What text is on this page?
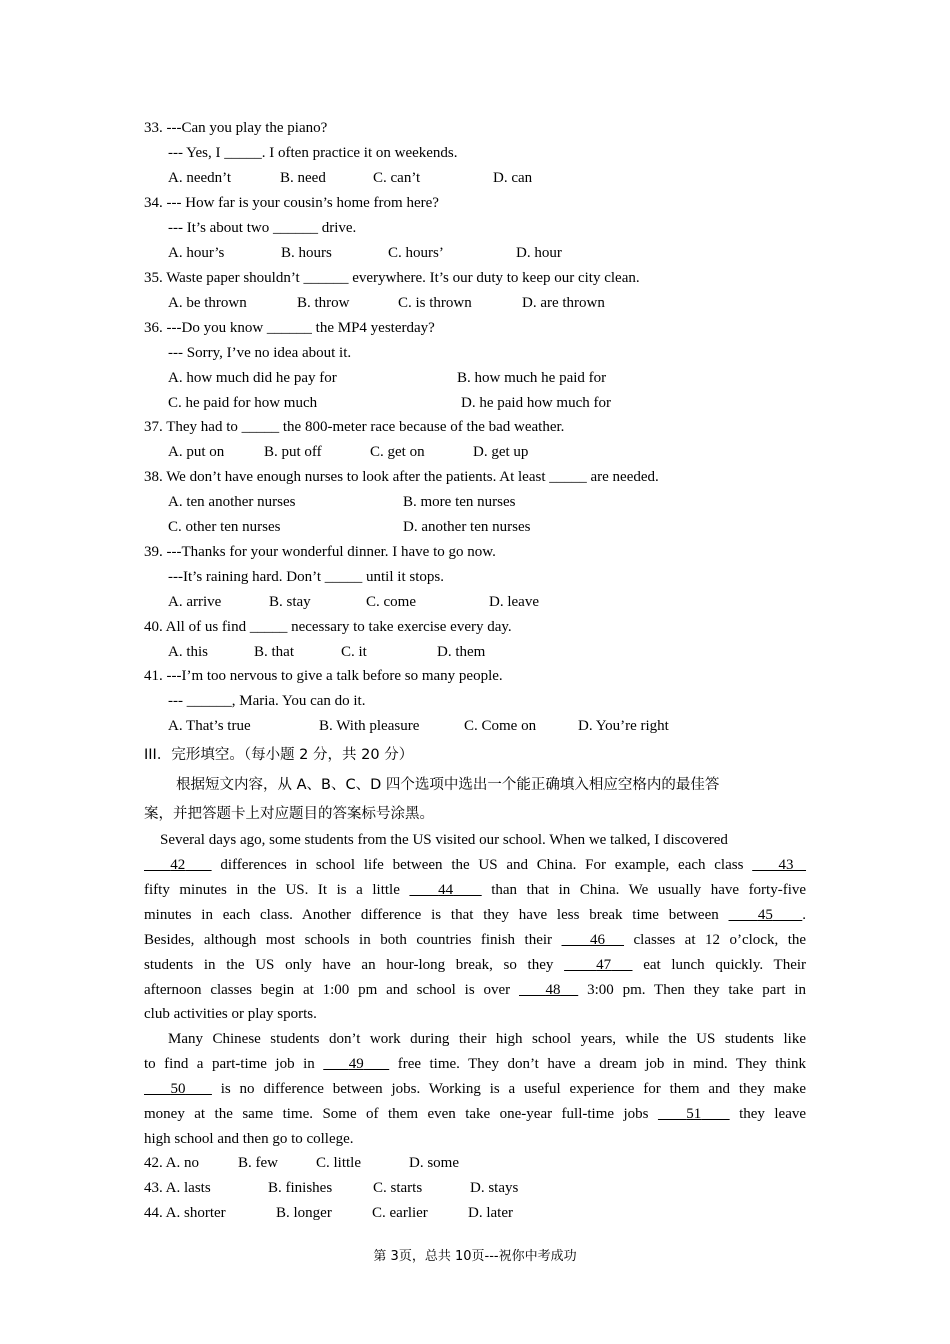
33. ---Can you play the piano?
--- Yes, I _____. I often practice it on weekends.
A. needn’t	B. need	C. can’t	D. can
34. --- How far is your cousin’s home from here?
--- It’s about two ______ drive.
A. hour’s	B. hours	C. hours’	D. hour
35. Waste paper shouldn’t ______ everywhere. It’s our duty to keep our city clean.
A. be thrown	B. throw	C. is thrown	D. are thrown
36. ---Do you know ______ the MP4 yesterday?
--- Sorry, I’ve no idea about it.
A. how much did he pay for	B. how much he paid for
C. he paid for how much	D. he paid how much for
37. They had to _____ the 800-meter race because of the bad weather.
A. put on	B. put off	C. get on	D. get up
38. We don’t have enough nurses to look after the patients. At least _____ are needed.
A. ten another nurses	B. more ten nurses
C. other ten nurses	D. another ten nurses
39. ---Thanks for your wonderful dinner. I have to go now.
---It’s raining hard. Don’t _____ until it stops.
A. arrive	B. stay	C. come	D. leave
40. All of us find _____ necessary to take exercise every day.
A. this	B. that	C. it	D. them
41. ---I’m too nervous to give a talk before so many people.
--- ______, Maria. You can do it.
A. That’s true	B. With pleasure	C. Come on	D. You’re right
III．完形填空。（每小题 2 分，共 20 分）
根据短文内容，从 A、B、C、D 四个选项中选出一个能正确填入相应空格内的最佳答
案，并把答题卡上对应题目的答案标号涂黑。
Several days ago, some students from the US visited our school. When we talked, I discovered
42 differences in school life between the US and China. For example, each class 43
fifty minutes in the US. It is a little	44	than that in China. We usually have forty-five
minutes in each class. Another difference is that they have less break time between	45 .
Besides, although most schools in both countries finish their	46 classes at 12 o’clock, the
students in the US only have an hour-long break, so they	47 eat lunch quickly. Their
afternoon classes begin at 1:00 pm and school is over 48 3:00 pm. Then they take part in
club activities or play sports.
Many Chinese students don’t work during their high school years, while the US students like
to find a part-time job in 49 free time. They don’t have a dream job in mind. They think
50 is no difference between jobs. Working is a useful experience for them and they make
money at the same time. Some of them even take one-year full-time jobs	51	they leave
high school and then go to college.
42. A. no	B. few	C. little	D. some
43. A. lasts	B. finishes	C. starts	D. stays
44. A. shorter	B. longer	C. earlier	D. later
第 3页，总共 10页---祝你中考成功
